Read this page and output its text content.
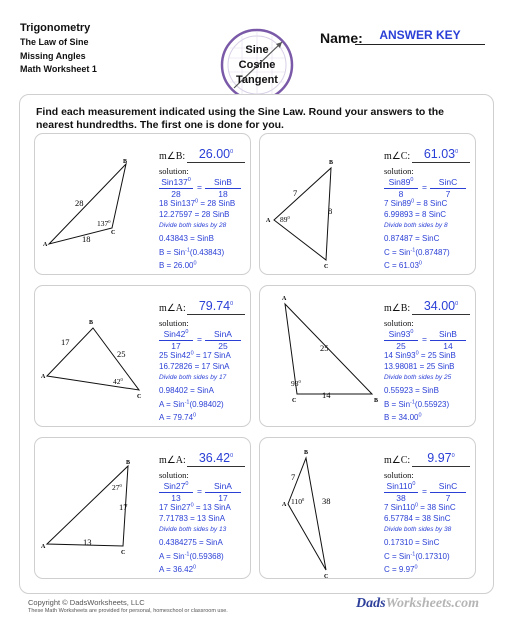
Trigonometry
The Law of Sine
Missing Angles
Math Worksheet 1
Sine
Cosine
Tangent
Name:	ANSWER KEY
Find each measurement indicated using the Sine Law. Round your answers to the nearest hundredths. The first one is done for you.
A
B
C
28
18
$137^0$
m∠B:	26.00$^0$
solution:
$Sin137^0$
28
=	SinB
18
18 $Sin137^0 = 28$ SinB
12.27597 = 28 SinB
Divide both sides by 28
0.43843 = SinB
B = Sin$^{-1}$(0.43843)
$B = 26.00^0$
A
B
C
7
8
$89^0$
m∠C:	61.03$^0$
solution:
$Sin89^0$
8
=	SinC
7
7 $Sin89^0 = 8$ SinC
6.99893 = 8 SinC
Divide both sides by 8
0.87487 = SinC
C = Sin$^{-1}$(0.87487)
$C = 61.03^0$
A
B
C
17
25
$42^0$
m∠A:	79.74$^0$
solution:
$Sin42^0$
17
=	SinA
25
25 $Sin42^0 = 17$ SinA
16.72826 = 17 SinA
Divide both sides by 17
0.98402 = SinA
A = Sin$^{-1}$(0.98402)
$A = 79.74^0$
A
B
C
25
14
$93^0$
m∠B:	34.00$^0$
solution:
$Sin93^0$
25
=	SinB
14
14 $Sin93^0 = 25$ SinB
13.98081 = 25 SinB
Divide both sides by 25
0.55923 = SinB
B = Sin$^{-1}$(0.55923)
$B = 34.00^0$
A
B
C
17
13
$27^0$
m∠A:	36.42$^0$
solution:
$Sin27^0$
13
=	SinA
17
17 $Sin27^0 = 13$ SinA
7.71783 = 13 SinA
Divide both sides by 13
0.4384275 = SinA
A = Sin$^{-1}$(0.59368)
$A = 36.42^0$
A
B
C
7
38
$110^0$
m∠C:	9.97$^0$
solution:
$Sin110^0$
38
=	SinC
7
7 $Sin110^0 = 38$ SinC
6.57784 = 38 SinC
Divide both sides by 38
0.17310 = SinC
C = Sin$^{-1}$(0.17310)
$C = 9.97^0$
Copyright © DadsWorksheets, LLC
These Math Worksheets are provided for personal, homeschool or classroom use.	DadsWorksheets.com
